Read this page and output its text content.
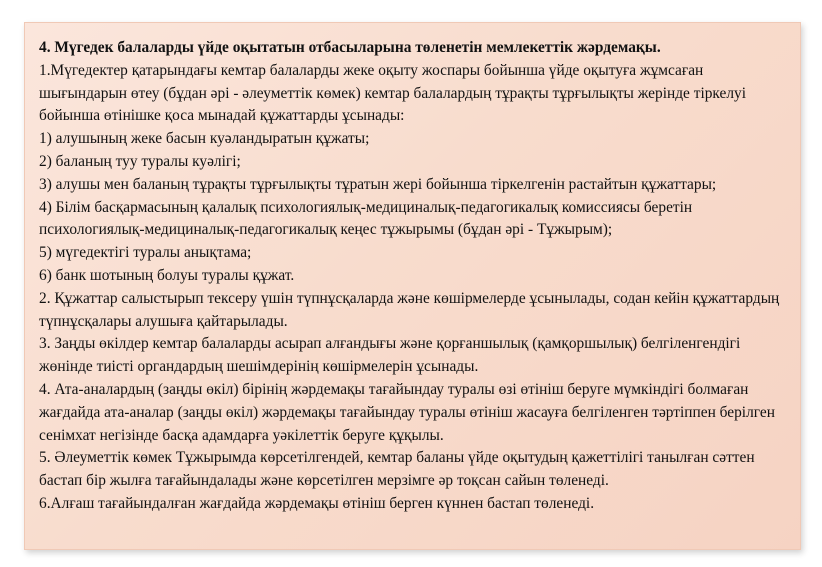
4. Мүгедек балаларды үйде оқытатын отбасыларына төленетін мемлекеттік жәрдемақы.

1.Мүгедектер қатарындағы кемтар балаларды жеке оқыту жоспары бойынша үйде оқытуға жұмсаған шығындарын өтеу (бұдан әрі - әлеуметтік көмек) кемтар балалардың тұрақты тұрғылықты жерінде тіркелуі бойынша өтінішке қоса мынадай құжаттарды ұсынады:

1) алушының жеке басын куәландыратын құжаты;

2) баланың туу туралы куәлігі;

3) алушы мен баланың тұрақты тұрғылықты тұратын жері бойынша тіркелгенін растайтын құжаттары;

4) Білім басқармасының қалалық психологиялық-медициналық-педагогикалық комиссиясы беретін психологиялық-медициналық-педагогикалық кеңес тұжырымы (бұдан әрі - Тұжырым);

5) мүгедектігі туралы анықтама;

6) банк шотының болуы туралы құжат.

2. Құжаттар салыстырып тексеру үшін түпнұсқаларда және көшірмелерде ұсынылады, содан кейін құжаттардың түпнұсқалары алушыға қайтарылады.

3. Заңды өкілдер кемтар балаларды асырап алғандығы және қорғаншылық (қамқоршылық) белгіленгендігі жөнінде тиісті органдардың шешімдерінің көшірмелерін ұсынады.

4. Ата-аналардың (заңды өкіл) бірінің жәрдемақы тағайындау туралы өзі өтініш беруге мүмкіндігі болмаған жағдайда ата-аналар (заңды өкіл) жәрдемақы тағайындау туралы өтініш жасауға белгіленген тәртіппен берілген сенімхат негізінде басқа адамдарға уәкілеттік беруге құқылы.

5. Әлеуметтік көмек Тұжырымда көрсетілгендей, кемтар баланы үйде оқытудың қажеттілігі танылған сәттен бастап бір жылға тағайындалады және көрсетілген мерзімге әр тоқсан сайын төленеді.

6.Алғаш тағайындалған жағдайда жәрдемақы өтініш берген күннен бастап төленеді.
